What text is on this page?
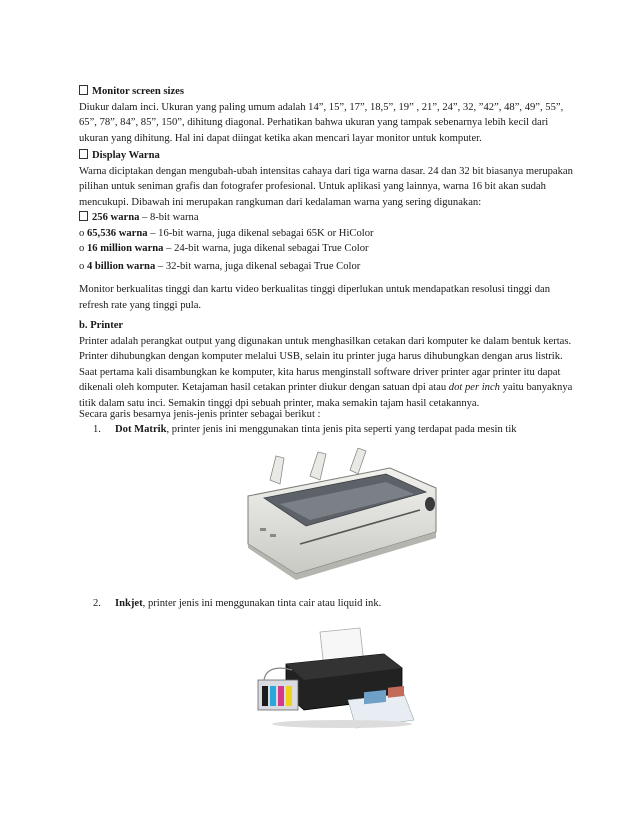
Monitor screen sizes
Diukur dalam inci. Ukuran yang paling umum adalah 14”, 15”, 17”, 18,5”, 19” , 21”, 24”, 32, ”42”, 48”, 49”, 55”, 65”, 78”, 84”, 85”, 150”, dihitung diagonal. Perhatikan bahwa ukuran yang tampak sebenarnya lebih kecil dari ukuran yang dihitung. Hal ini dapat diingat ketika akan mencari layar monitor untuk komputer.
Display Warna
Warna diciptakan dengan mengubah-ubah intensitas cahaya dari tiga warna dasar. 24 dan 32 bit biasanya merupakan pilihan untuk seniman grafis dan fotografer profesional. Untuk aplikasi yang lainnya, warna 16 bit akan sudah mencukupi. Dibawah ini merupakan rangkuman dari kedalaman warna yang sering digunakan:
256 warna – 8-bit warna
o 65,536 warna – 16-bit warna, juga dikenal sebagai 65K or HiColor
o 16 million warna – 24-bit warna, juga dikenal sebagai True Color
o 4 billion warna – 32-bit warna, juga dikenal sebagai True Color
Monitor berkualitas tinggi dan kartu video berkualitas tinggi diperlukan untuk mendapatkan resolusi tinggi dan refresh rate yang tinggi pula.
b. Printer
Printer adalah perangkat output yang digunakan untuk menghasilkan cetakan dari komputer ke dalam bentuk kertas. Printer dihubungkan dengan komputer melalui USB, selain itu printer juga harus dihubungkan dengan arus listrik. Saat pertama kali disambungkan ke komputer, kita harus menginstall software driver printer agar printer itu dapat dikenali oleh komputer. Ketajaman hasil cetakan printer diukur dengan satuan dpi atau dot per inch yaitu banyaknya titik dalam satu inci. Semakin tinggi dpi sebuah printer, maka semakin tajam hasil cetakannya.
Secara garis besarnya jenis-jenis printer sebagai berikut :
1. Dot Matrik, printer jenis ini menggunakan tinta jenis pita seperti yang terdapat pada mesin tik
2. Inkjet, printer jenis ini menggunakan tinta cair atau liquid ink.
